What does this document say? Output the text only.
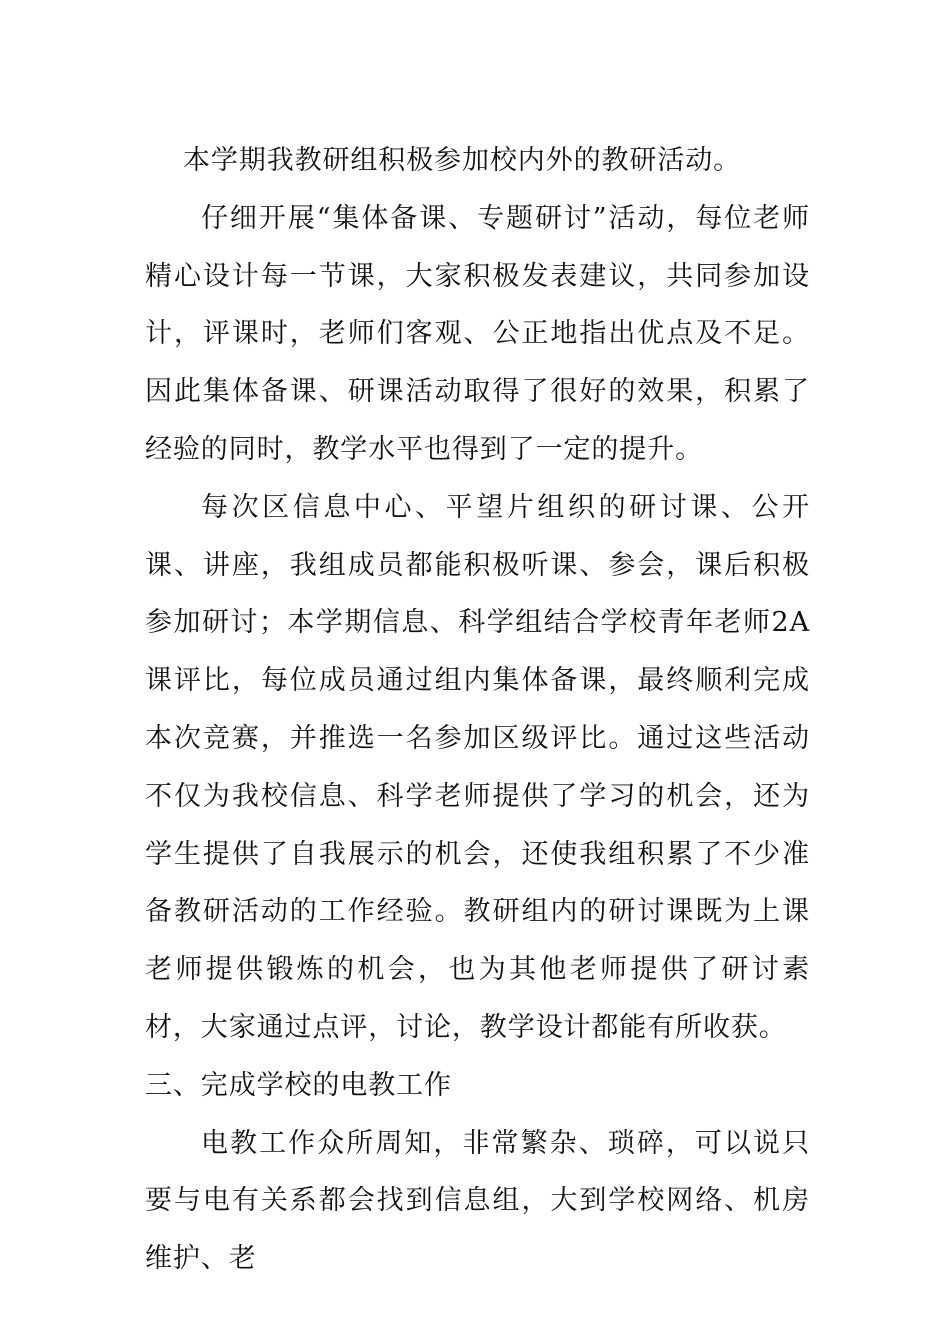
本学期我教研组积极参加校内外的教研活动。

仔细开展“集体备课、专题研讨”活动，每位老师精心设计每一节课，大家积极发表建议，共同参加设计，评课时，老师们客观、公正地指出优点及不足。因此集体备课、研课活动取得了很好的效果，积累了经验的同时，教学水平也得到了一定的提升。

每次区信息中心、平望片组织的研讨课、公开课、讲座，我组成员都能积极听课、参会，课后积极参加研讨；本学期信息、科学组结合学校青年老师2A课评比，每位成员通过组内集体备课，最终顺利完成本次竞赛，并推选一名参加区级评比。通过这些活动不仅为我校信息、科学老师提供了学习的机会，还为学生提供了自我展示的机会，还使我组积累了不少准备教研活动的工作经验。教研组内的研讨课既为上课老师提供锻炼的机会，也为其他老师提供了研讨素材，大家通过点评，讨论，教学设计都能有所收获。

三、完成学校的电教工作

电教工作众所周知，非常繁杂、琐碎，可以说只要与电有关系都会找到信息组，大到学校网络、机房维护、老
